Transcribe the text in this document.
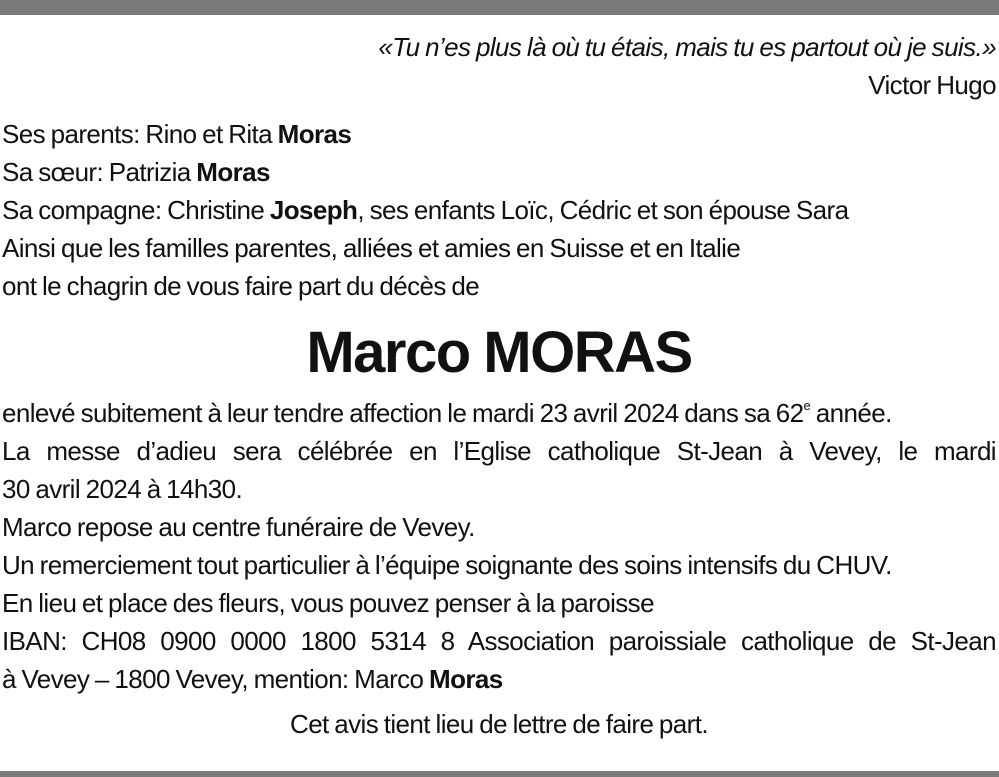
«Tu n’es plus là où tu étais, mais tu es partout où je suis.»
Victor Hugo
Ses parents: Rino et Rita Moras
Sa sœur: Patrizia Moras
Sa compagne: Christine Joseph, ses enfants Loïc, Cédric et son épouse Sara
Ainsi que les familles parentes, alliées et amies en Suisse et en Italie
ont le chagrin de vous faire part du décès de
Marco MORAS
enlevé subitement à leur tendre affection le mardi 23 avril 2024 dans sa 62e année.
La messe d’adieu sera célébrée en l’Eglise catholique St-Jean à Vevey, le mardi
30 avril 2024 à 14h30.
Marco repose au centre funéraire de Vevey.
Un remerciement tout particulier à l’équipe soignante des soins intensifs du CHUV.
En lieu et place des fleurs, vous pouvez penser à la paroisse
IBAN: CH08 0900 0000 1800 5314 8 Association paroissiale catholique de St-Jean
à Vevey – 1800 Vevey, mention: Marco Moras
Cet avis tient lieu de lettre de faire part.
